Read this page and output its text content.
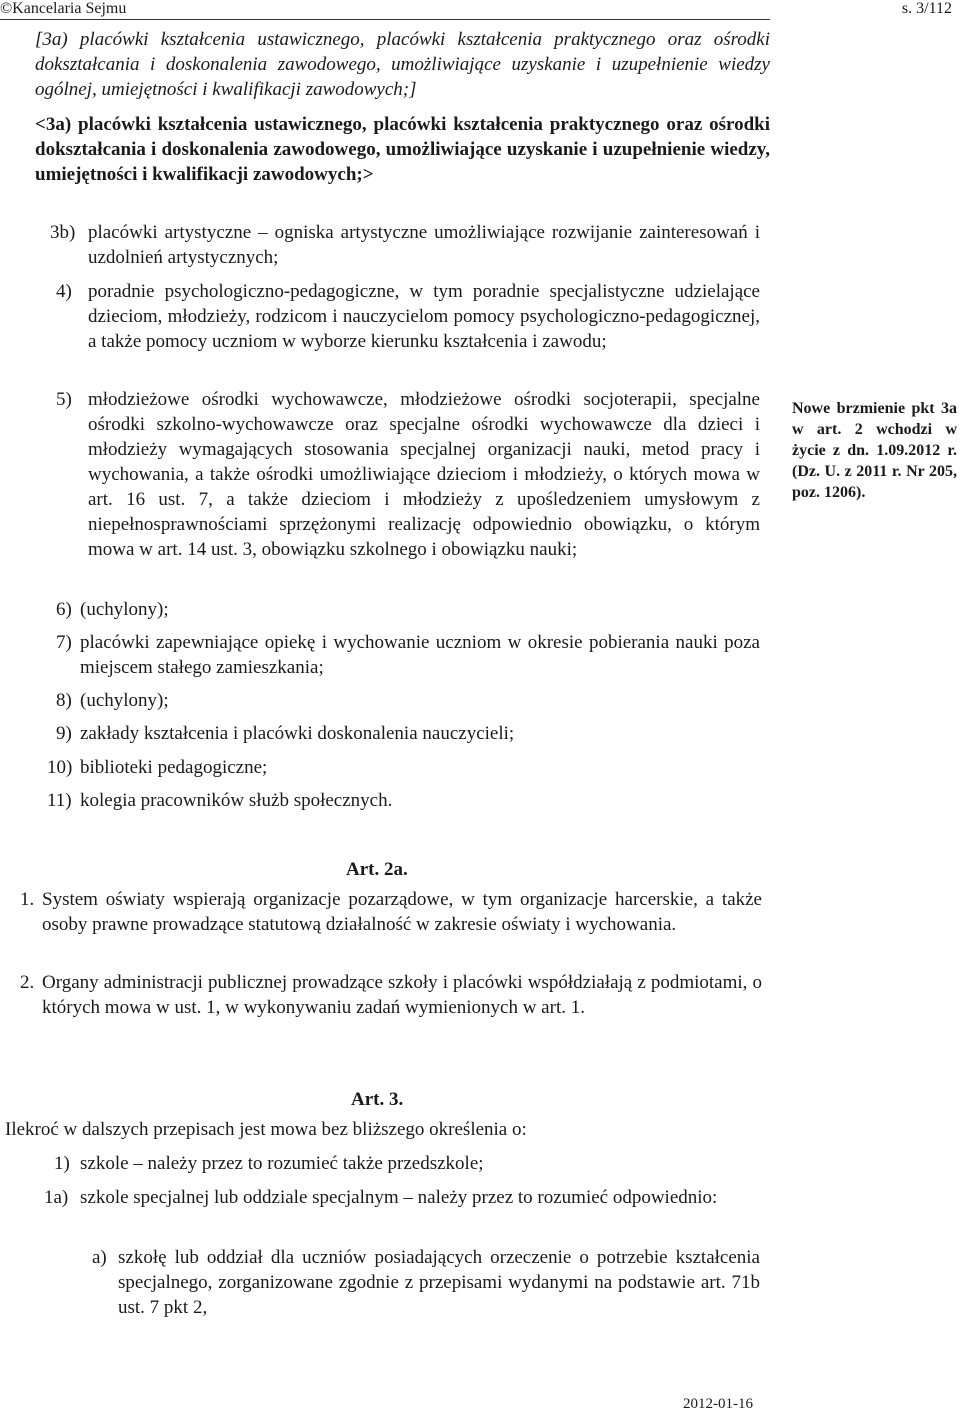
©Kancelaria Sejmu	s. 3/112
[3a) placówki kształcenia ustawicznego, placówki kształcenia praktycznego oraz ośrodki dokształcania i doskonalenia zawodowego, umożliwiające uzyskanie i uzupełnienie wiedzy ogólnej, umiejętności i kwalifikacji zawodowych;]
<3a) placówki kształcenia ustawicznego, placówki kształcenia praktycznego oraz ośrodki dokształcania i doskonalenia zawodowego, umożliwiające uzyskanie i uzupełnienie wiedzy, umiejętności i kwalifikacji zawodowych;>
3b) placówki artystyczne – ogniska artystyczne umożliwiające rozwijanie zainteresowań i uzdolnień artystycznych;
4) poradnie psychologiczno-pedagogiczne, w tym poradnie specjalistyczne udzielające dzieciom, młodzieży, rodzicom i nauczycielom pomocy psychologiczno-pedagogicznej, a także pomocy uczniom w wyborze kierunku kształcenia i zawodu;
5) młodzieżowe ośrodki wychowawcze, młodzieżowe ośrodki socjoterapii, specjalne ośrodki szkolno-wychowawcze oraz specjalne ośrodki wychowawcze dla dzieci i młodzieży wymagających stosowania specjalnej organizacji nauki, metod pracy i wychowania, a także ośrodki umożliwiające dzieciom i młodzieży, o których mowa w art. 16 ust. 7, a także dzieciom i młodzieży z upośledzeniem umysłowym z niepełnosprawnościami sprzężonymi realizację odpowiednio obowiązku, o którym mowa w art. 14 ust. 3, obowiązku szkolnego i obowiązku nauki;
6) (uchylony);
7) placówki zapewniające opiekę i wychowanie uczniom w okresie pobierania nauki poza miejscem stałego zamieszkania;
8) (uchylony);
9) zakłady kształcenia i placówki doskonalenia nauczycieli;
10) biblioteki pedagogiczne;
11) kolegia pracowników służb społecznych.
Nowe brzmienie pkt 3a w art. 2 wchodzi w życie z dn. 1.09.2012 r. (Dz. U. z 2011 r. Nr 205, poz. 1206).
Art. 2a.
1. System oświaty wspierają organizacje pozarządowe, w tym organizacje harcerskie, a także osoby prawne prowadzące statutową działalność w zakresie oświaty i wychowania.
2. Organy administracji publicznej prowadzące szkoły i placówki współdziałają z podmiotami, o których mowa w ust. 1, w wykonywaniu zadań wymienionych w art. 1.
Art. 3.
Ilekroć w dalszych przepisach jest mowa bez bliższego określenia o:
1) szkole – należy przez to rozumieć także przedszkole;
1a) szkole specjalnej lub oddziale specjalnym – należy przez to rozumieć odpowiednio:
a) szkołę lub oddział dla uczniów posiadających orzeczenie o potrzebie kształcenia specjalnego, zorganizowane zgodnie z przepisami wydanymi na podstawie art. 71b ust. 7 pkt 2,
2012-01-16
